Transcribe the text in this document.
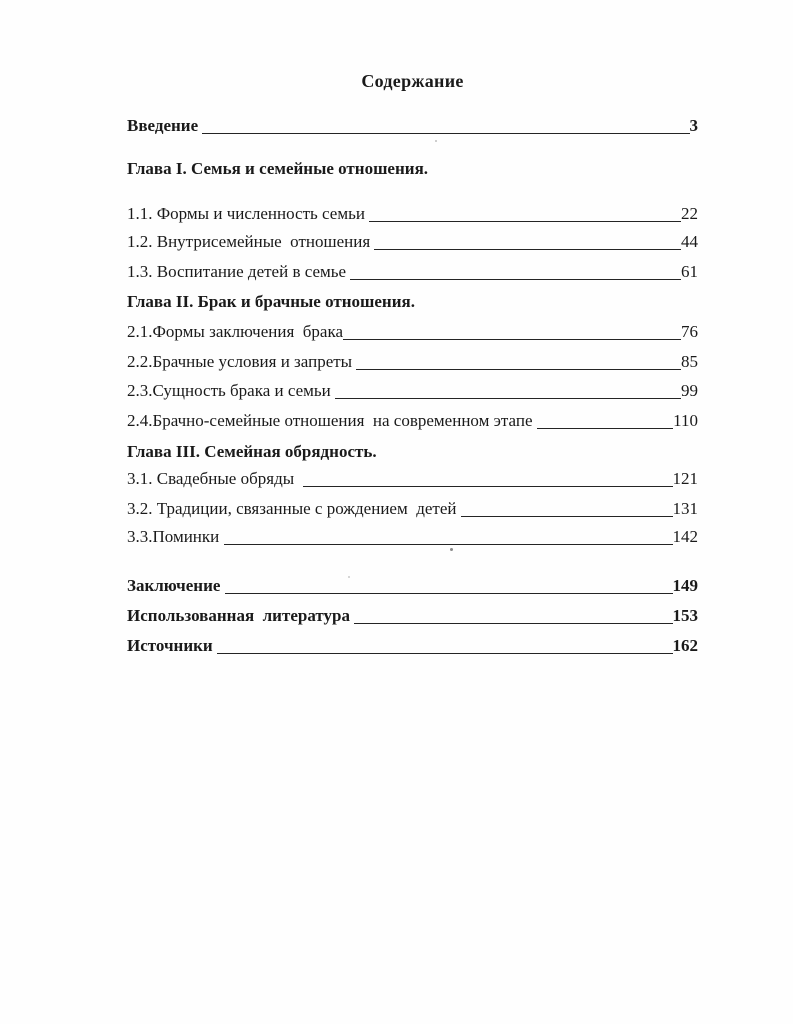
Содержание
Введение	3
Глава I. Семья и семейные отношения.
1.1. Формы и численность семьи	22
1.2. Внутрисемейные  отношения	44
1.3. Воспитание детей в семье	61
Глава II. Брак и брачные отношения.
2.1.Формы заключения  брака	76
2.2.Брачные условия и запреты	85
2.3.Сущность брака и семьи	99
2.4.Брачно-семейные отношения  на современном этапе	110
Глава III. Семейная обрядность.
3.1. Свадебные обряды	121
3.2. Традиции, связанные с рождением  детей	131
3.3.Поминки	142
Заключение	149
Использованная  литература	153
Источники	162
